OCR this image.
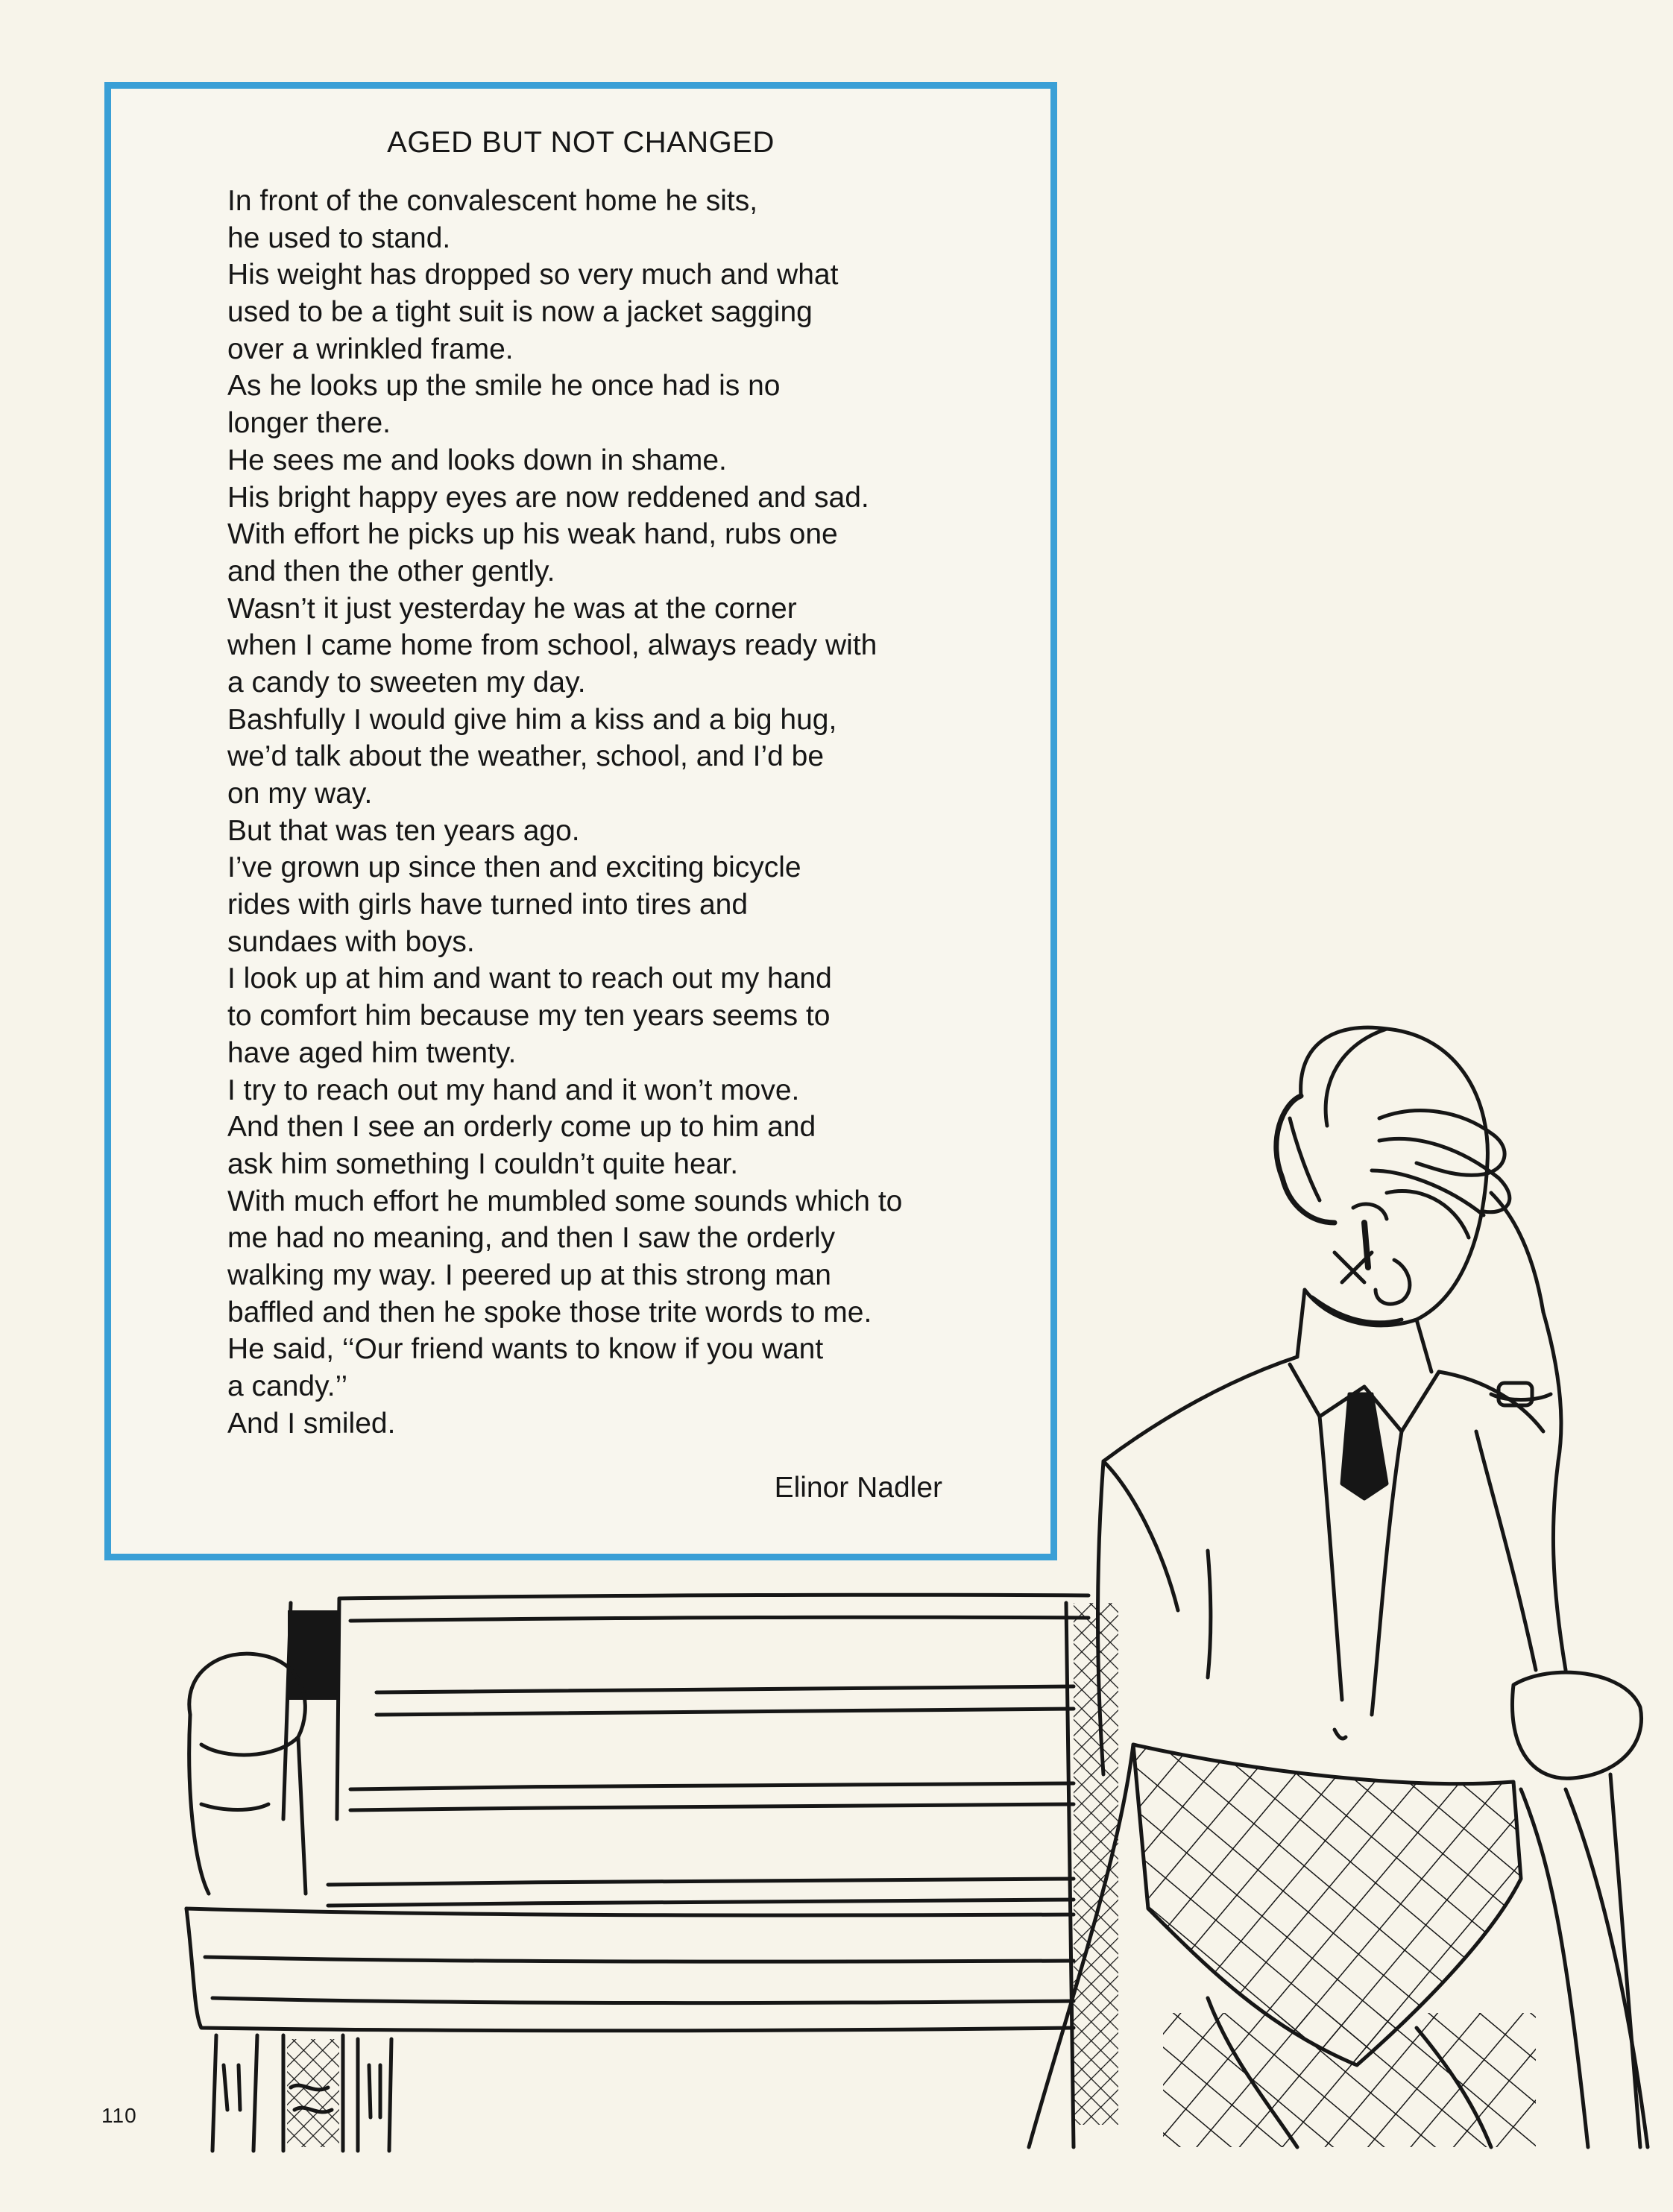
AGED BUT NOT CHANGED
In front of the convalescent home he sits,
he used to stand.
His weight has dropped so very much and what
used to be a tight suit is now a jacket sagging
over a wrinkled frame.
As he looks up the smile he once had is no
longer there.
He sees me and looks down in shame.
His bright happy eyes are now reddened and sad.
With effort he picks up his weak hand, rubs one
and then the other gently.
Wasn’t it just yesterday he was at the corner
when I came home from school, always ready with
a candy to sweeten my day.
Bashfully I would give him a kiss and a big hug,
we’d talk about the weather, school, and I’d be
on my way.
But that was ten years ago.
I’ve grown up since then and exciting bicycle
rides with girls have turned into tires and
sundaes with boys.
I look up at him and want to reach out my hand
to comfort him because my ten years seems to
have aged him twenty.
I try to reach out my hand and it won’t move.
And then I see an orderly come up to him and
ask him something I couldn’t quite hear.
With much effort he mumbled some sounds which to
me had no meaning, and then I saw the orderly
walking my way. I peered up at this strong man
baffled and then he spoke those trite words to me.
He said, ‘‘Our friend wants to know if you want
a candy.’’
And I smiled.
Elinor Nadler
110
